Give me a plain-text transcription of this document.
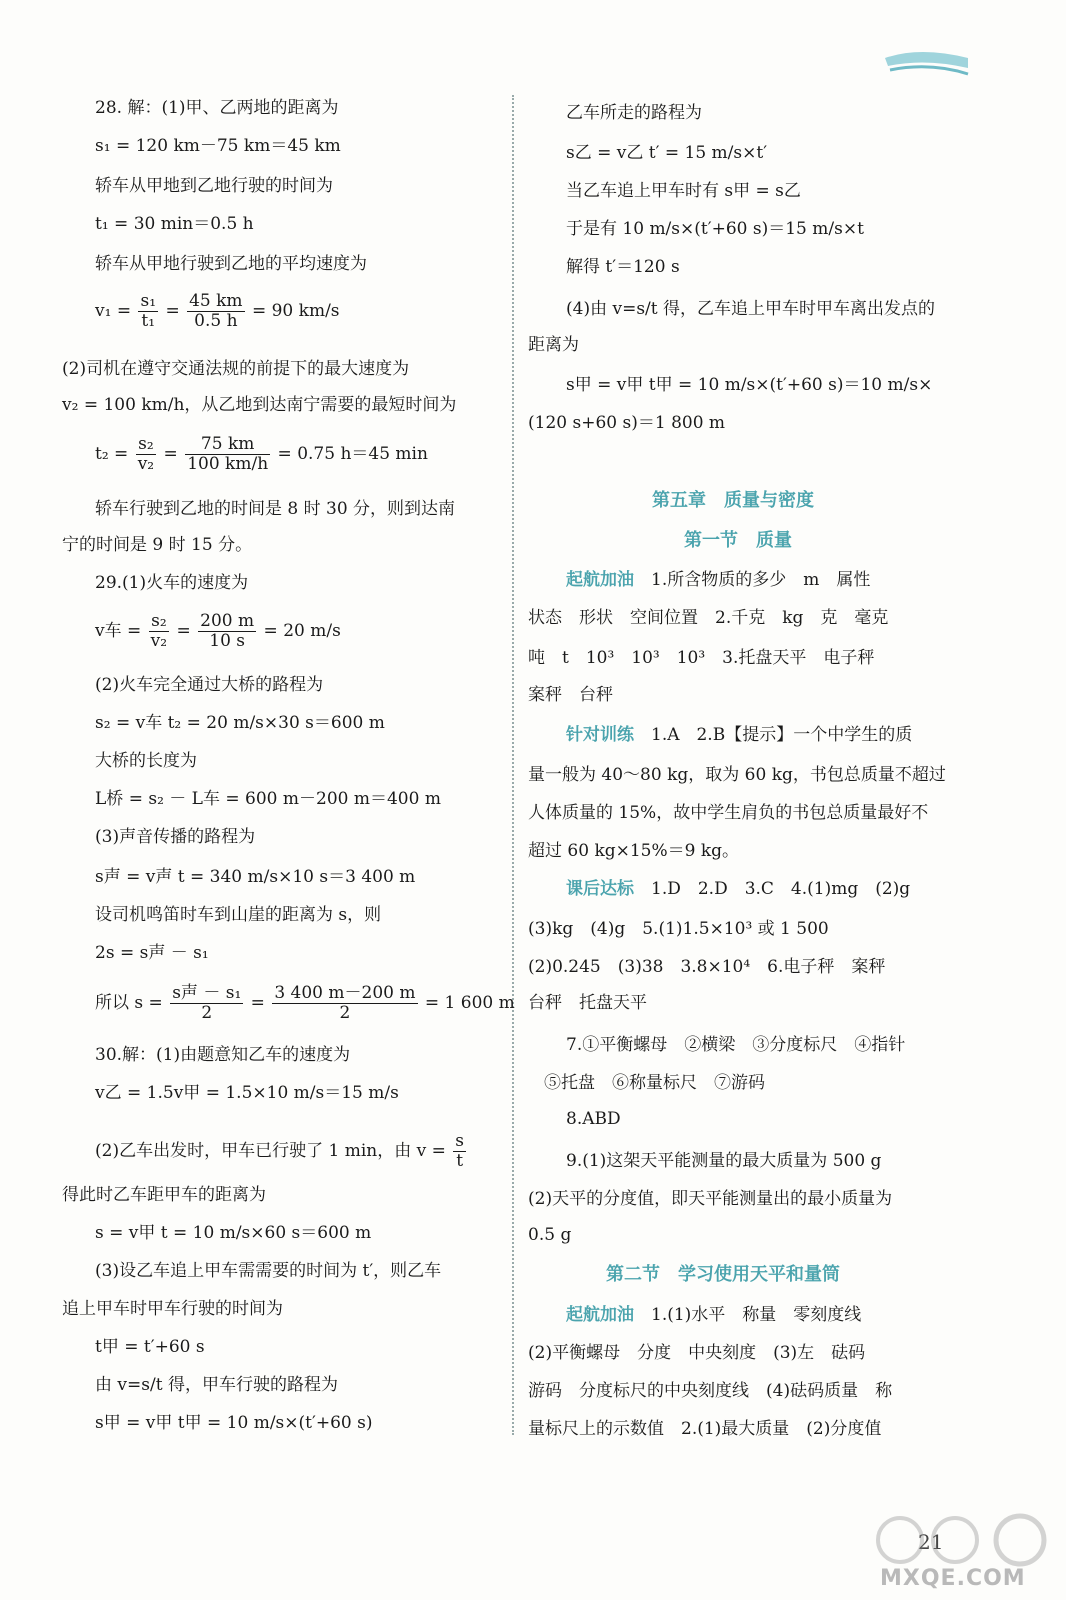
28. 解：(1)甲、乙两地的距离为
s₁ = 120 km－75 km＝45 km
轿车从甲地到乙地行驶的时间为
t₁ = 30 min＝0.5 h
轿车从甲地行驶到乙地的平均速度为
$v_1 = \frac{\text{s₁}}{\text{t₁}} = \frac{45 km}{0.5 h} = 90$ km/s
(2)司机在遵守交通法规的前提下的最大速度为
v₂ = 100 km/h，从乙地到达南宁需要的最短时间为
$t_2 = \frac{\text{s₂}}{\text{v₂}} = \frac{75 km}{100 km/h} = 0.75$ h＝45 min
轿车行驶到乙地的时间是 8 时 30 分，则到达南
宁的时间是 9 时 15 分。
29.(1)火车的速度为
v车 = $\frac{\text{s₂}}{\text{v₂}} = \frac{200 m}{10 s} = 20$ m/s
(2)火车完全通过大桥的路程为
s₂ = v车 t₂ = 20 m/s×30 s＝600 m
大桥的长度为
L桥 = s₂ － L车 = 600 m－200 m＝400 m
(3)声音传播的路程为
s声 = v声 t = 340 m/s×10 s＝3 400 m
设司机鸣笛时车到山崖的距离为 s，则
2s = s声 － s₁
所以 $s = \frac{\text{s声 － s₁}}{2} = \frac{3 400 m-200 m}{2} = 1$ 600 m
30.解：(1)由题意知乙车的速度为
v乙 = 1.5v甲 = 1.5×10 m/s＝15 m/s
(2)乙车出发时，甲车已行驶了 1 min，由 $v = \frac{s}{t}$
得此时乙车距甲车的距离为
s = v甲 t = 10 m/s×60 s＝600 m
(3)设乙车追上甲车需需要的时间为 t′，则乙车
追上甲车时甲车行驶的时间为
t甲 = t′+60 s
由 v=s/t 得，甲车行驶的路程为
s甲 = v甲 t甲 = 10 m/s×(t′+60 s)
乙车所走的路程为
s乙 = v乙 t′ = 15 m/s×t′
当乙车追上甲车时有 s甲 = s乙
于是有 10 m/s×(t′+60 s)＝15 m/s×t
解得 t′＝120 s
(4)由 v=s/t 得，乙车追上甲车时甲车离出发点的
距离为
s甲 = v甲 t甲 = 10 m/s×(t′+60 s)＝10 m/s×
(120 s+60 s)＝1 800 m
第五章　质量与密度
第一节　质量
起航加油　 1.所含物质的多少　m　属性
状态　形状　空间位置　2.千克　kg　克　毫克
吨　t　10³　10³　10³　3.托盘天平　电子秤
案秤　台秤
针对训练　 1.A　2.B【提示】一个中学生的质
量一般为 40～80 kg，取为 60 kg，书包总质量不超过
人体质量的 15%，故中学生肩负的书包总质量最好不
超过 60 kg×15%＝9 kg。
课后达标　 1.D　2.D　3.C　4.(1)mg　(2)g
(3)kg　(4)g　5.(1)1.5×10³ 或 1 500
(2)0.245　(3)38　3.8×10⁴　6.电子秤　案秤
台秤　托盘天平
7.①平衡螺母　②横梁　③分度标尺　④指针
⑤托盘　⑥称量标尺　⑦游码
8.ABD
9.(1)这架天平能测量的最大质量为 500 g
(2)天平的分度值，即天平能测量出的最小质量为
0.5 g
第二节　学习使用天平和量筒
起航加油　 1.(1)水平　称量　零刻度线
(2)平衡螺母　分度　中央刻度　(3)左　砝码
游码　分度标尺的中央刻度线　(4)砝码质量　称
量标尺上的示数值　2.(1)最大质量　(2)分度值
21
MXQE.COM
